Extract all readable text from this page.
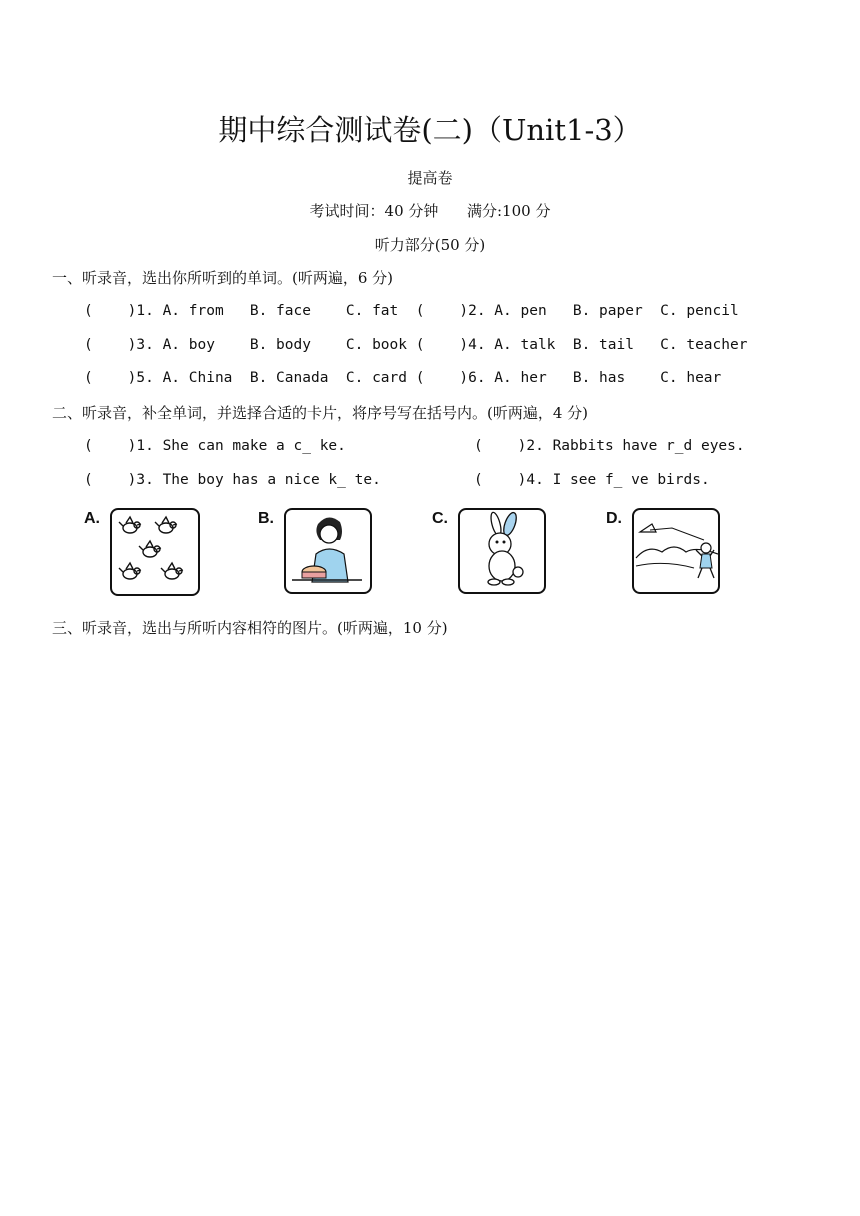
期中综合测试卷(二)（Unit1-3）
提高卷
考试时间：40 分钟      满分:100 分
听力部分(50 分)
一、听录音，选出你所听到的单词。(听两遍，6 分)
(    )1. A. from   B. face    C. fat  (    )2. A. pen   B. paper  C. pencil
(    )3. A. boy    B. body    C. book (    )4. A. talk  B. tail   C. teacher
(    )5. A. China  B. Canada  C. card (    )6. A. her   B. has    C. hear
二、听录音，补全单词，并选择合适的卡片，将序号写在括号内。(听两遍，4 分)
(    )1. She can make a c_ ke.	(    )2. Rabbits have r_d eyes.
(    )3. The boy has a nice k_ te.	(    )4. I see f_ ve birds.
A.	B.	C.	D.
三、听录音，选出与所听内容相符的图片。(听两遍，10 分)
